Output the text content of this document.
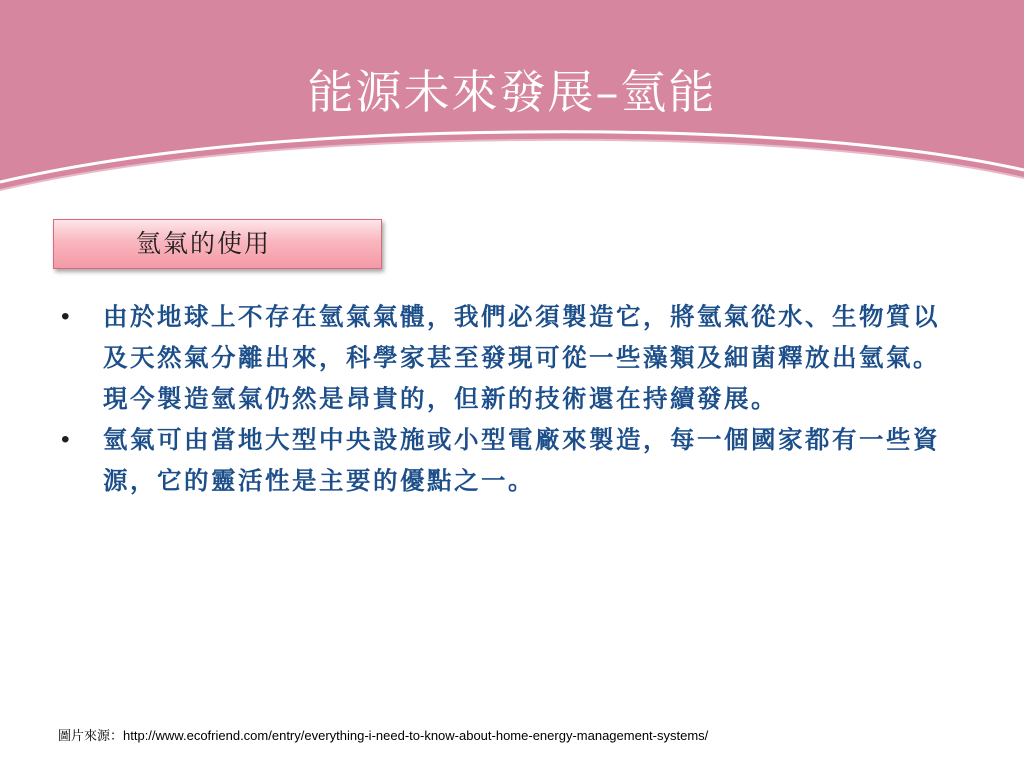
能源未來發展–氫能
氫氣的使用
• 由於地球上不存在氫氣氣體，我們必須製造它，將氫氣從水、生物質以及天然氣分離出來，科學家甚至發現可從一些藻類及細菌釋放出氫氣。現今製造氫氣仍然是昂貴的，但新的技術還在持續發展。
• 氫氣可由當地大型中央設施或小型電廠來製造，每一個國家都有一些資源，它的靈活性是主要的優點之一。
圖片來源：http://www.ecofriend.com/entry/everything-i-need-to-know-about-home-energy-management-systems/
